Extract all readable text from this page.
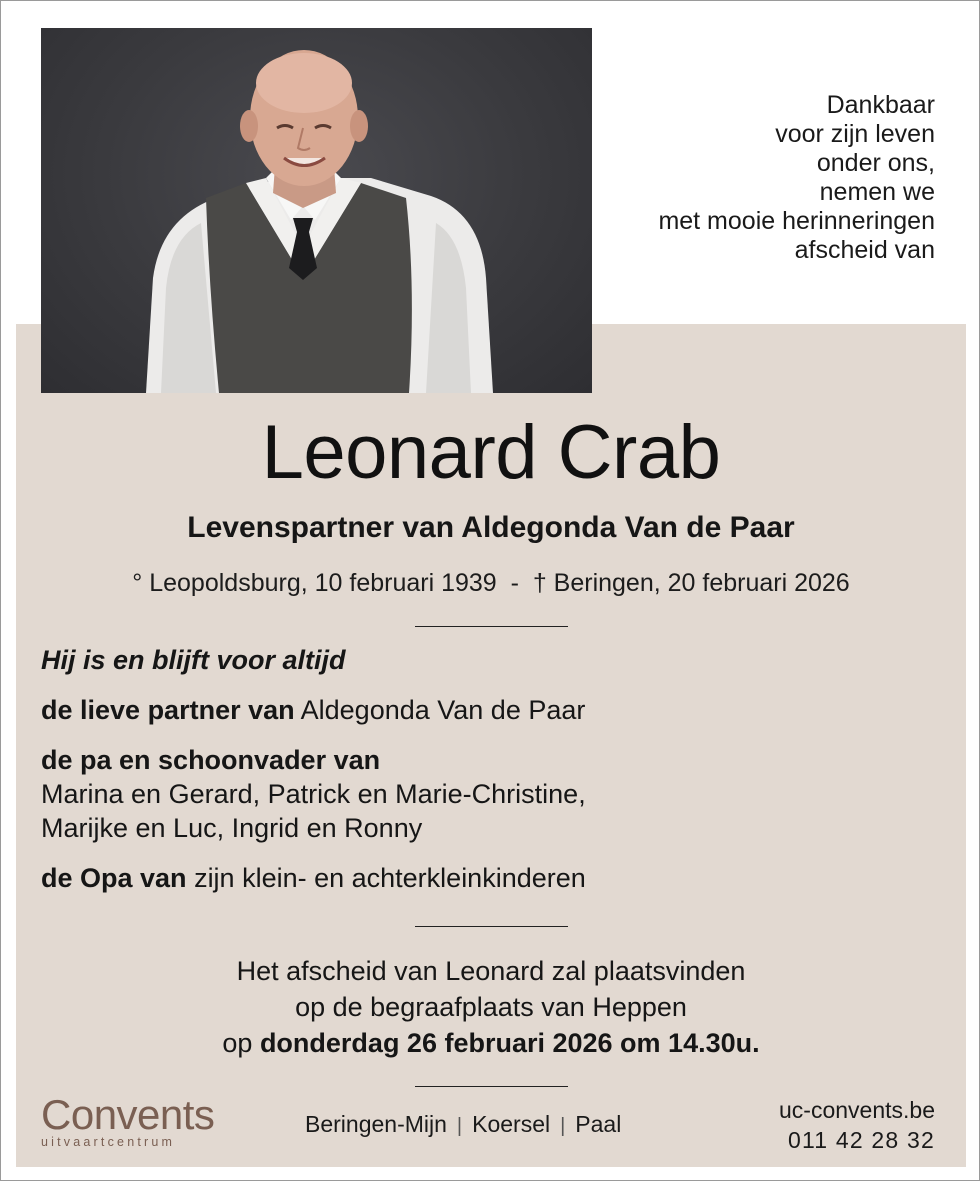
Dankbaar
voor zijn leven
onder ons,
nemen we
met mooie herinneringen
afscheid van
Leonard Crab
Levenspartner van Aldegonda Van de Paar
° Leopoldsburg, 10 februari 1939  -  † Beringen, 20 februari 2026
Hij is en blijft voor altijd
de lieve partner van Aldegonda Van de Paar
de pa en schoonvader van
Marina en Gerard, Patrick en Marie-Christine,
Marijke en Luc, Ingrid en Ronny
de Opa van zijn klein- en achterkleinkinderen
Het afscheid van Leonard zal plaatsvinden
op de begraafplaats van Heppen
op donderdag 26 februari 2026 om 14.30u.
Convents
uitvaartcentrum
Beringen-Mijn | Koersel | Paal
uc-convents.be
011 42 28 32
